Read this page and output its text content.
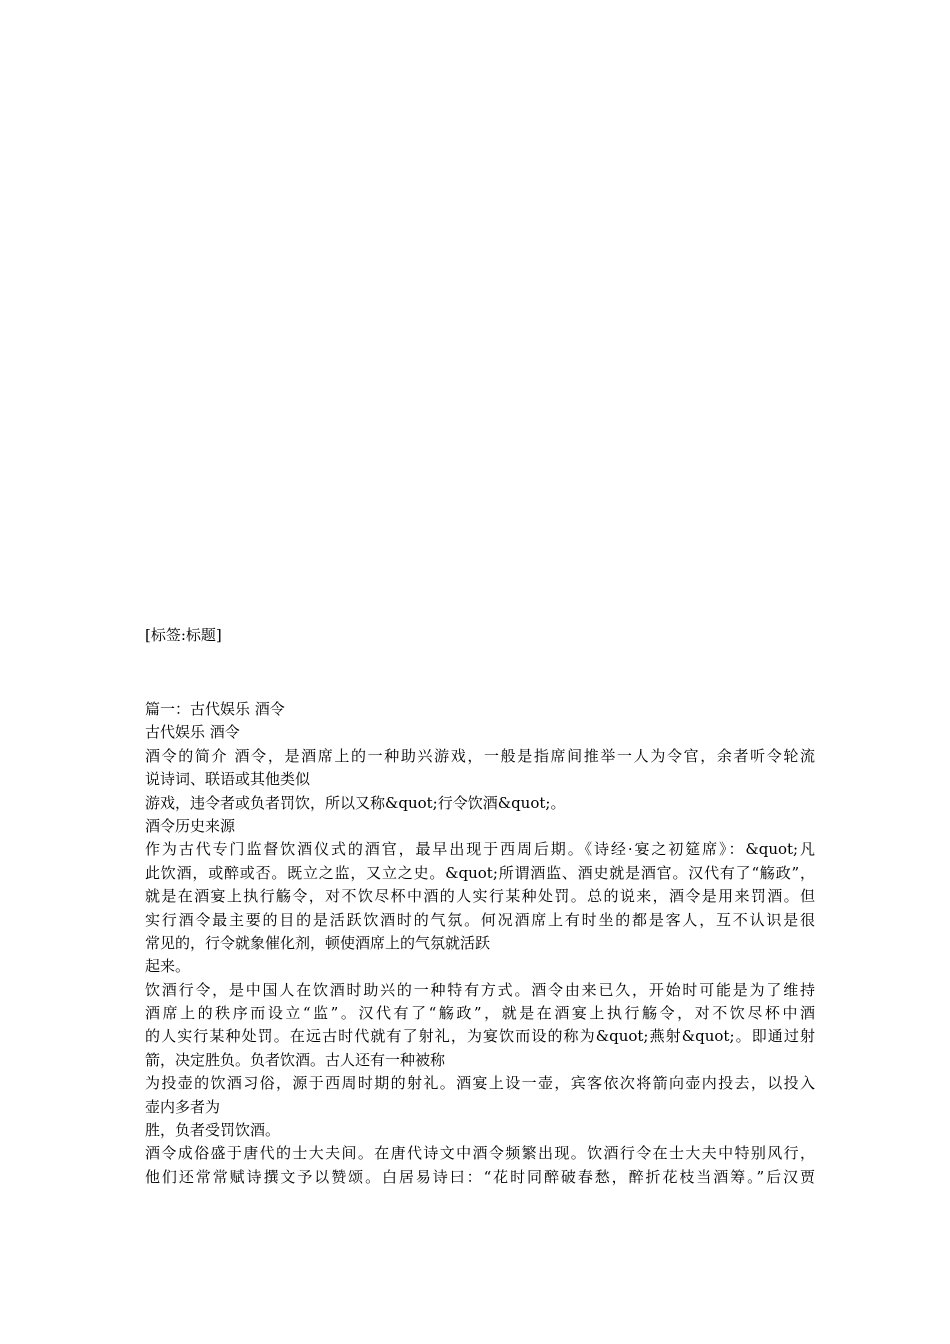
[标签:标题]
篇一：古代娱乐 酒令
古代娱乐 酒令
酒令的简介 酒令，是酒席上的一种助兴游戏，一般是指席间推举一人为令官，余者听令轮流
说诗词、联语或其他类似
游戏，违令者或负者罚饮，所以又称&quot;行令饮酒&quot;。
酒令历史来源
作为古代专门监督饮酒仪式的酒官，最早出现于西周后期。《诗经·宴之初筵席》：&quot;凡
此饮酒，或醉或否。既立之监，又立之史。&quot;所谓酒监、酒史就是酒官。汉代有了“觞政”，
就是在酒宴上执行觞令，对不饮尽杯中酒的人实行某种处罚。总的说来，酒令是用来罚酒。但
实行酒令最主要的目的是活跃饮酒时的气氛。何况酒席上有时坐的都是客人，互不认识是很
常见的，行令就象催化剂，顿使酒席上的气氛就活跃
起来。
饮酒行令，是中国人在饮酒时助兴的一种特有方式。酒令由来已久，开始时可能是为了维持
酒席上的秩序而设立“监”。汉代有了“觞政”，就是在酒宴上执行觞令，对不饮尽杯中酒
的人实行某种处罚。在远古时代就有了射礼，为宴饮而设的称为&quot;燕射&quot;。即通过射
箭，决定胜负。负者饮酒。古人还有一种被称
为投壶的饮酒习俗，源于西周时期的射礼。酒宴上设一壶，宾客依次将箭向壶内投去，以投入
壶内多者为
胜，负者受罚饮酒。
酒令成俗盛于唐代的士大夫间。在唐代诗文中酒令频繁出现。饮酒行令在士大夫中特别风行，
他们还常常赋诗撰文予以赞颂。白居易诗曰：“花时同醉破春愁，醉折花枝当酒筹。”后汉贾
